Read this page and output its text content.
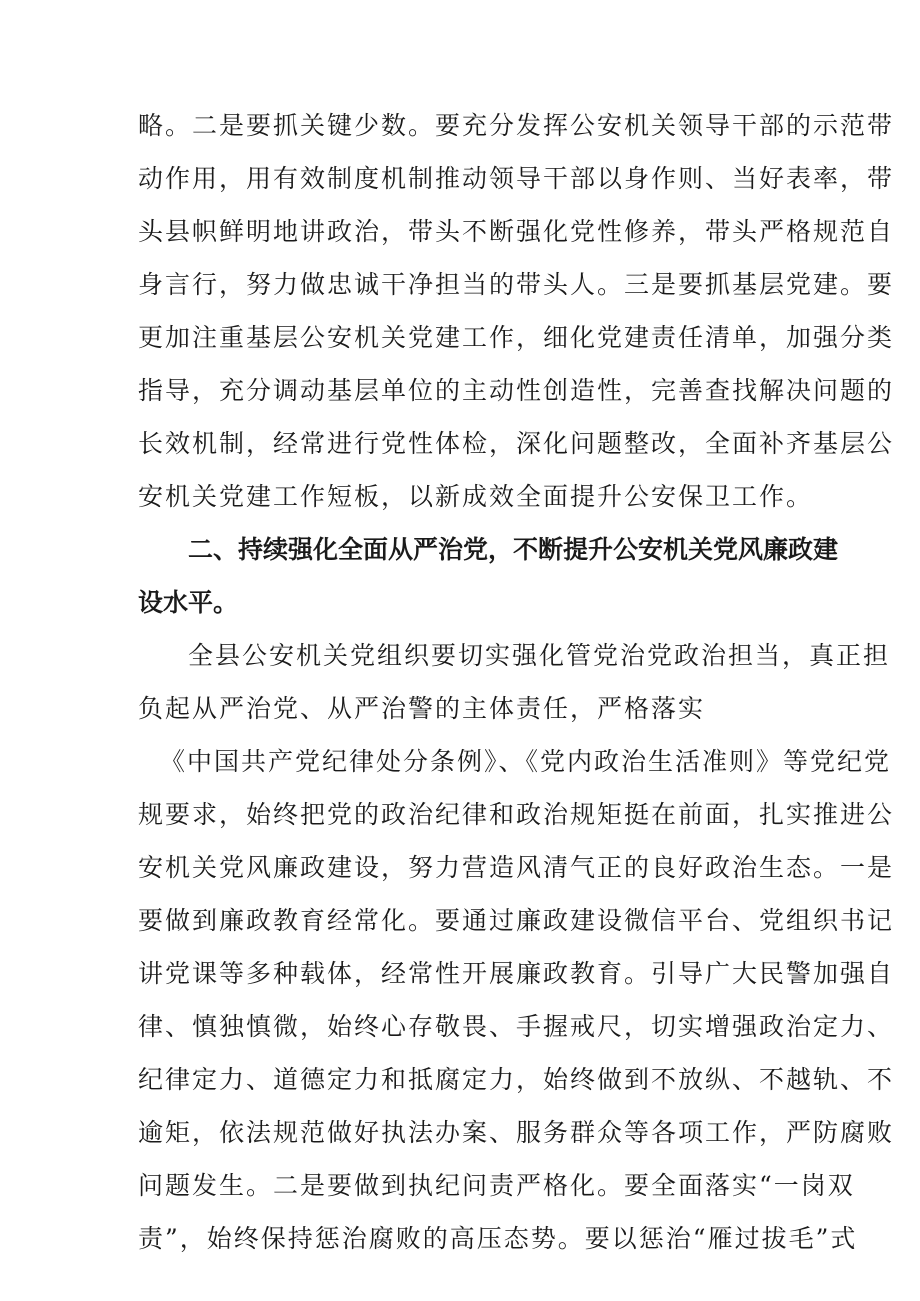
略。二是要抓关键少数。要充分发挥公安机关领导干部的示范带
动作用，用有效制度机制推动领导干部以身作则、当好表率，带
头县帜鲜明地讲政治，带头不断强化党性修养，带头严格规范自
身言行，努力做忠诚干净担当的带头人。三是要抓基层党建。要
更加注重基层公安机关党建工作，细化党建责任清单，加强分类
指导，充分调动基层单位的主动性创造性，完善查找解决问题的
长效机制，经常进行党性体检，深化问题整改，全面补齐基层公
安机关党建工作短板，以新成效全面提升公安保卫工作。
二、持续强化全面从严治党，不断提升公安机关党风廉政建
设水平。
全县公安机关党组织要切实强化管党治党政治担当，真正担
负起从严治党、从严治警的主体责任，严格落实
《中国共产党纪律处分条例》、《党内政治生活准则》等党纪党
规要求，始终把党的政治纪律和政治规矩挺在前面，扎实推进公
安机关党风廉政建设，努力营造风清气正的良好政治生态。一是
要做到廉政教育经常化。要通过廉政建设微信平台、党组织书记
讲党课等多种载体，经常性开展廉政教育。引导广大民警加强自
律、慎独慎微，始终心存敬畏、手握戒尺，切实增强政治定力、
纪律定力、道德定力和抵腐定力，始终做到不放纵、不越轨、不
逾矩，依法规范做好执法办案、服务群众等各项工作，严防腐败
问题发生。二是要做到执纪问责严格化。要全面落实“一岗双
责”，始终保持惩治腐败的高压态势。要以惩治“雁过拔毛”式
